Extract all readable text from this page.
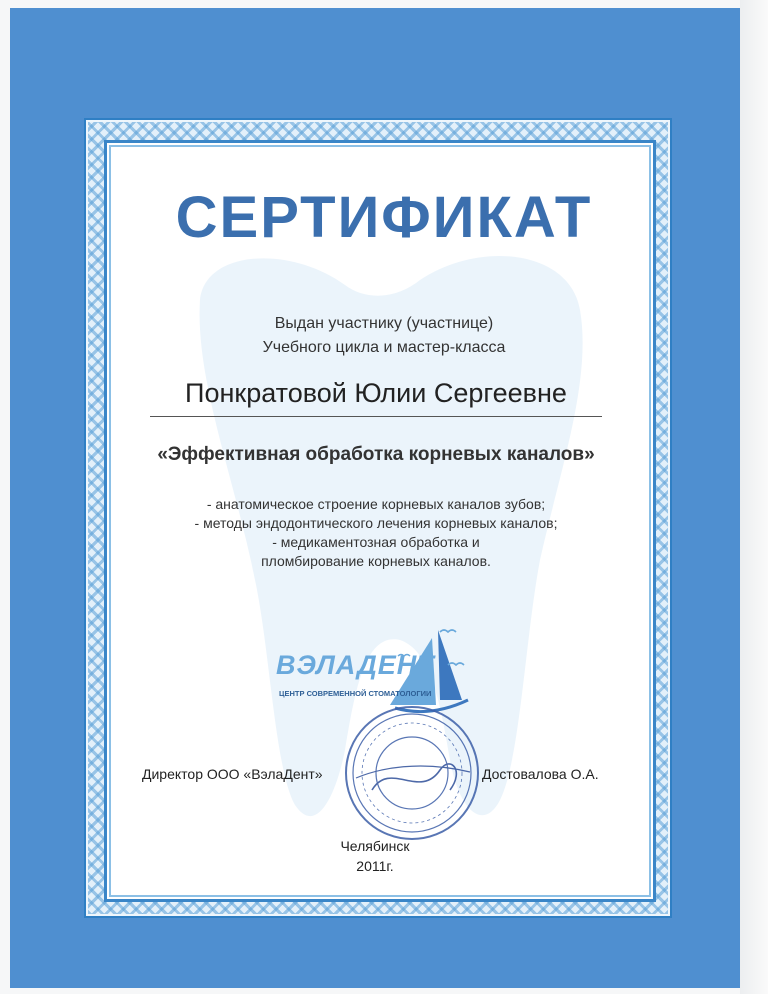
СЕРТИФИКАТ
Выдан участнику (участнице)
Учебного цикла и мастер-класса
Понкратовой Юлии Сергеевне
«Эффективная обработка корневых каналов»
- анатомическое строение корневых каналов зубов;
- методы эндодонтического лечения корневых каналов;
- медикаментозная обработка и
пломбирование корневых каналов.
ВЭЛАДЕНТ
ЦЕНТР СОВРЕМЕННОЙ СТОМАТОЛОГИИ
Директор ООО «ВэлаДент»	Достовалова О.А.
Челябинск
2011г.
